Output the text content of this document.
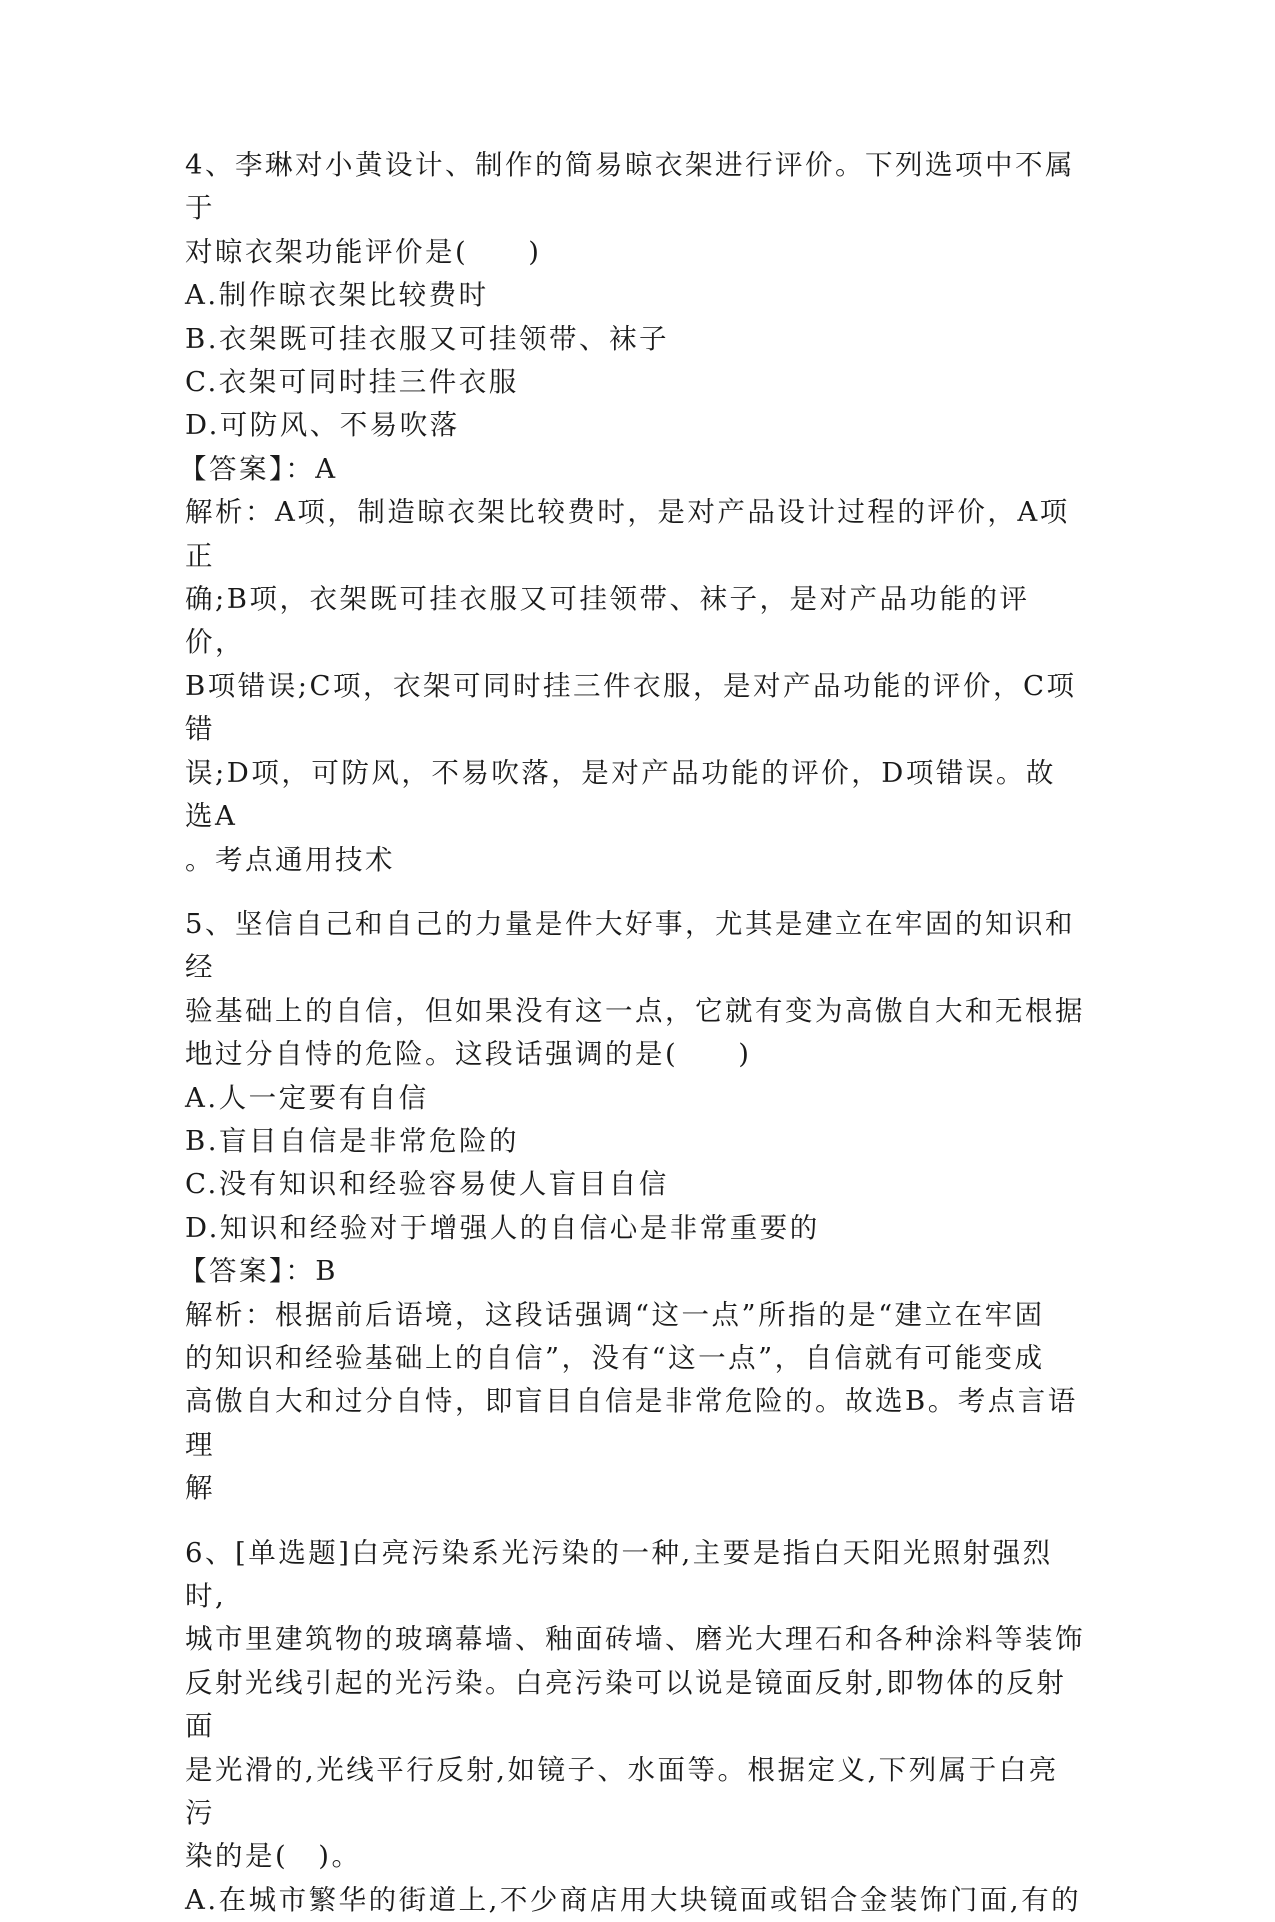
4、李琳对小黄设计、制作的简易晾衣架进行评价。下列选项中不属于
对晾衣架功能评价是(　　)
A.制作晾衣架比较费时
B.衣架既可挂衣服又可挂领带、袜子
C.衣架可同时挂三件衣服
D.可防风、不易吹落
【答案】：A
解析：A项，制造晾衣架比较费时，是对产品设计过程的评价，A项正
确;B项，衣架既可挂衣服又可挂领带、袜子，是对产品功能的评价，
B项错误;C项，衣架可同时挂三件衣服，是对产品功能的评价，C项错
误;D项，可防风，不易吹落，是对产品功能的评价，D项错误。故选A
。考点通用技术
5、坚信自己和自己的力量是件大好事，尤其是建立在牢固的知识和经
验基础上的自信，但如果没有这一点，它就有变为高傲自大和无根据
地过分自恃的危险。这段话强调的是(　　)
A.人一定要有自信
B.盲目自信是非常危险的
C.没有知识和经验容易使人盲目自信
D.知识和经验对于增强人的自信心是非常重要的
【答案】：B
解析：根据前后语境，这段话强调“这一点”所指的是“建立在牢固
的知识和经验基础上的自信”，没有“这一点”，自信就有可能变成
高傲自大和过分自恃，即盲目自信是非常危险的。故选B。考点言语理
解
6、[单选题]白亮污染系光污染的一种,主要是指白天阳光照射强烈时,
城市里建筑物的玻璃幕墙、釉面砖墙、磨光大理石和各种涂料等装饰
反射光线引起的光污染。白亮污染可以说是镜面反射,即物体的反射面
是光滑的,光线平行反射,如镜子、水面等。根据定义,下列属于白亮污
染的是(　)。
A.在城市繁华的街道上,不少商店用大块镜面或铝合金装饰门面,有的
